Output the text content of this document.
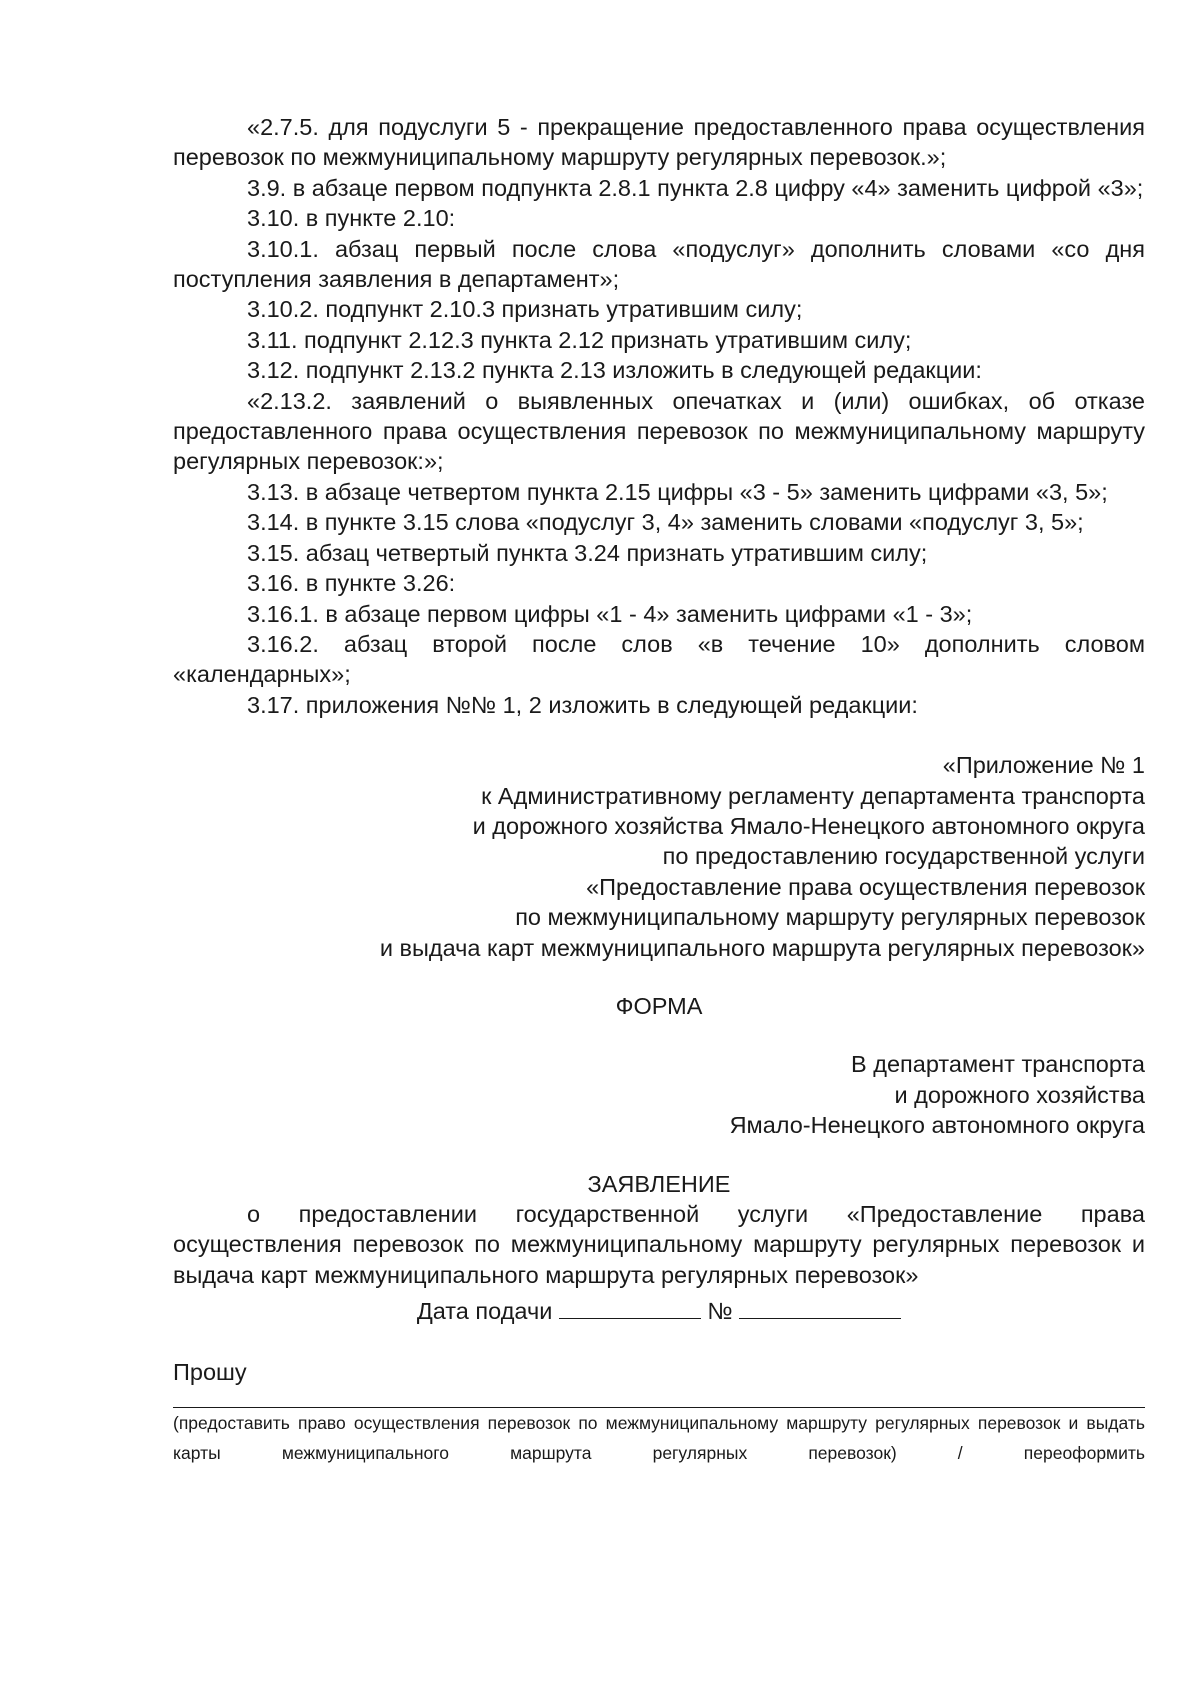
«2.7.5. для подуслуги 5 - прекращение предоставленного права осуществления перевозок по межмуниципальному маршруту регулярных перевозок.»;

3.9. в абзаце первом подпункта 2.8.1 пункта 2.8 цифру «4» заменить цифрой «3»;

3.10. в пункте 2.10:

3.10.1. абзац первый после слова «подуслуг» дополнить словами «со дня поступления заявления в департамент»;

3.10.2. подпункт 2.10.3 признать утратившим силу;

3.11. подпункт 2.12.3 пункта 2.12 признать утратившим силу;

3.12. подпункт 2.13.2 пункта 2.13 изложить в следующей редакции:

«2.13.2. заявлений о выявленных опечатках и (или) ошибках, об отказе предоставленного права осуществления перевозок по межмуниципальному маршруту регулярных перевозок:»;

3.13. в абзаце четвертом пункта 2.15 цифры «3 - 5» заменить цифрами «3, 5»;

3.14. в пункте 3.15 слова «подуслуг 3, 4» заменить словами «подуслуг 3, 5»;

3.15. абзац четвертый пункта 3.24 признать утратившим силу;

3.16. в пункте 3.26:

3.16.1. в абзаце первом цифры «1 - 4» заменить цифрами «1 - 3»;

3.16.2. абзац второй после слов «в течение 10» дополнить словом «календарных»;

3.17. приложения №№ 1, 2 изложить в следующей редакции:

«Приложение № 1

к Административному регламенту департамента транспорта

и дорожного хозяйства Ямало-Ненецкого автономного округа

по предоставлению государственной услуги

«Предоставление права осуществления перевозок

по межмуниципальному маршруту регулярных перевозок

и выдача карт межмуниципального маршрута регулярных перевозок»

ФОРМА

В департамент транспорта

и дорожного хозяйства

Ямало-Ненецкого автономного округа

ЗАЯВЛЕНИЕ

о предоставлении государственной услуги «Предоставление права осуществления перевозок по межмуниципальному маршруту регулярных перевозок и выдача карт межмуниципального маршрута регулярных перевозок»

Дата подачи	№

Прошу

(предоставить право осуществления перевозок по межмуниципальному маршруту регулярных перевозок и выдать карты межмуниципального маршрута регулярных перевозок) / переоформить
